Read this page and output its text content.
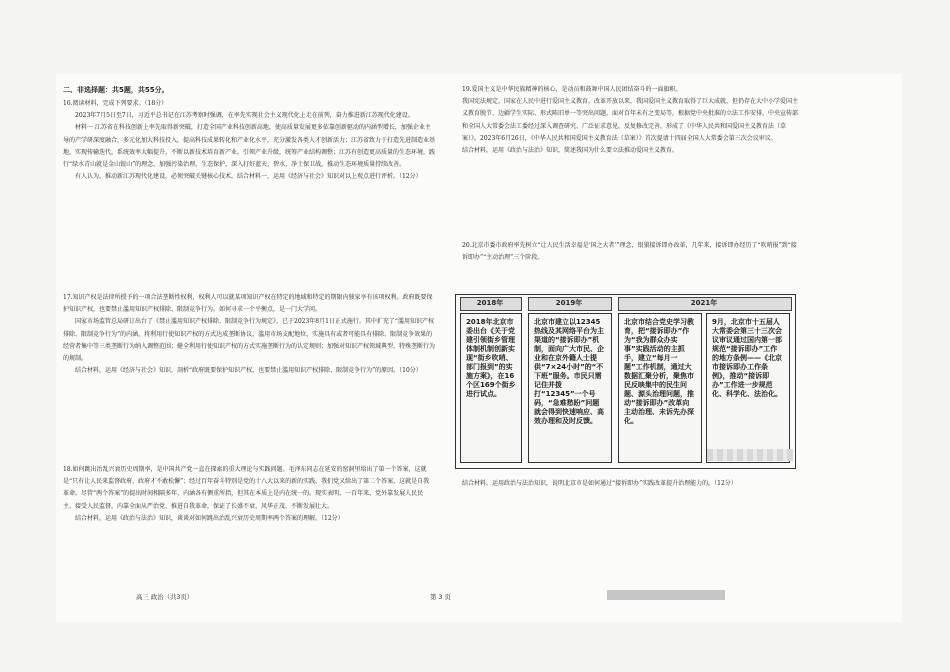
二、非选择题：共5题，共55分。
16.阅读材料，完成下列要求。（18分）
2023年7月5日至7日，习近平总书记在江苏考察时强调，在率先实现社会主义现代化上走在前列，奋力推进新江苏现代化建设。
材料一 江苏省在科技创新上率先取得新突破，打造全国产业科技创新高地，使高质量发展更多依靠创新驱动的内涵型增长，加强企业主导的产学研深度融合，多元化加大科技投入，提高科技成果转化和产业化水平，充分激发各类人才创新活力；江苏省致力于打造先进制造业基地，实现传输迭代，系统效率大幅提升，不断以新技术培育新产业，引领产业升级，统筹产业结构调整；江苏有创造更高质量的生态环境，践行“绿水青山就是金山银山”的理念，加强污染治理，生态保护，深入打好蓝天、碧水、净土保卫战，推动生态环境质量持续改善。
有人认为，推动新江苏现代化建设，必须突破关键核心技术。结合材料一，运用《经济与社会》知识对以上观点进行评析。（12分）
17.知识产权是法律所授予的一项合法垄断性权利，权利人可以就某项知识产权在特定的地域和特定的期限内独家享有该项权利。政府既要保护知识产权，也要禁止滥用知识产权排除、限制竞争行为。如何寻求一个平衡点，是一门大学问。
国家市场监管总局研订出台了《禁止滥用知识产权排除、限制竞争行为规定》，已于2023年8月1日正式施行。其中扩充了“滥用知识产权排除、限制竞争行为”的内涵，将利用行使知识产权的方式达成垄断协议，滥用市场支配地位，实施具有或者可能具有排除、限制竞争效果的经营者集中等三类垄断行为纳入调整范围；健全利用行使知识产权的方式实施垄断行为的认定规则；加强对知识产权领域典型、特殊垄断行为的规制。
结合材料，运用《经济与社会》知识，剖析“政府既要保护知识产权，也要禁止滥用知识产权排除、限制竞争行为”的原因。（10分）
18.如何跳出治乱兴衰历史周期率，是中国共产党一直在探索的重大理论与实践问题。毛泽东同志在延安的窑洞里给出了第一个答案，这就是“只有让人民来监督政府，政府才不敢松懈”；经过百年奋斗特别是党的十八大以来的新的实践，我们党又给出了第二个答案，这就是自我革命。尽管“两个答案”的提出时间相隔多年，内涵各有侧重所指，但其在本质上是内在统一的。现实表明，一百年来，党外靠发展人民民主、接受人民监督，内靠全面从严治党、推进自我革命，保证了长盛不衰、风华正茂、不断发展壮大。
结合材料，运用《政治与法治》知识，谈谈对如何跳出治乱兴衰历史周期率两个答案的理解。（12分）
19.爱国主义是中华民族精神的核心，是动员和鼓舞中国人民团结奋斗的一面旗帜。
我国宪法规定，国家在人民中进行爱国主义教育。改革开放以来，我国爱国主义教育取得了巨大成就，但仍存在大中小学爱国主义教育脱节、边疆学生实际、形式陈旧单一等突出问题，面对百年未有之变局等，根据党中央批准的立法工作安排，中央宣传部和全国人大常委会法工委经过深入调查研究、广泛征求意见，反复修改完善，形成了《中华人民共和国爱国主义教育法（草案）》。2023年6月26日，《中华人民共和国爱国主义教育法（草案）》首次提请十四届全国人大常委会第三次会议审议。
结合材料，运用《政治与法治》知识，简述我国为什么要立法推动爱国主义教育。
20.北京市委市政府率先树立“让人民生活幸福是‘国之大者’”理念，银狼接诉即办改革，几年来，接诉即办经历了“吹哨报”到“接诉即办”“主动治理”三个阶段。
2018年	2019年	2021年
2018年北京市委出台《关于党建引领街乡管理体制机制创新实现“街乡吹哨、部门报到”的实施方案》，在16个区169个街乡进行试点。
北京市建立以12345热线及其网络平台为主渠道的“接诉即办”机制，面向广大市民、企业和在京外籍人士提供“7×24小时”的“不下班”服务。市民只需记住并拨打“12345”一个号码，“急难愁盼”问题就会得到快速响应、高效办理和及时反馈。
北京市结合党史学习教育，把“接诉即办”作为“我为群众办实事”实践活动的主抓手，建立“每月一题”工作机制，通过大数据汇聚分析，聚焦市民反映集中的民生问题、源头治理问题，推动“接诉即办”改革向主动治理、未诉先办深化。
9月，北京市十五届人大常委会第三十三次会议审议通过国内第一部规范“接诉即办”工作的地方条例——《北京市接诉即办工作条例》，推动“接诉即办”工作进一步规范化、科学化、法治化。
结合材料，运用政治与法治知识，说明北京市是如何通过“接诉即办”实践改革提升治理能力的。（12分）
高三 政治（共3页）	第 3 页
